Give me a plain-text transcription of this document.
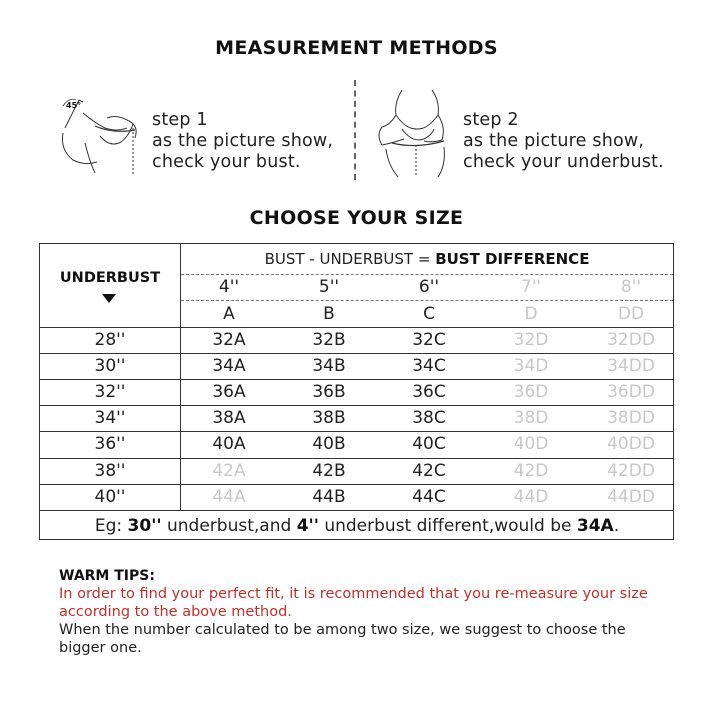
MEASUREMENT METHODS
45°
step 1
as the picture show,
check your bust.
step 2
as the picture show,
check your underbust.
CHOOSE YOUR SIZE
UNDERBUST
BUST - UNDERBUST = BUST DIFFERENCE
4''	5''	6''	7''	8''
A	B	C	D	DD
28''	32A	32B	32C	32D	32DD
30''	34A	34B	34C	34D	34DD
32''	36A	36B	36C	36D	36DD
34''	38A	38B	38C	38D	38DD
36''	40A	40B	40C	40D	40DD
38''	42A	42B	42C	42D	42DD
40''	44A	44B	44C	44D	44DD
Eg: 30'' underbust,and 4'' underbust different,would be 34A.
WARM TIPS:
In order to find your perfect fit, it is recommended that you re-measure your size according to the above method.
When the number calculated to be among two size, we suggest to choose the bigger one.
